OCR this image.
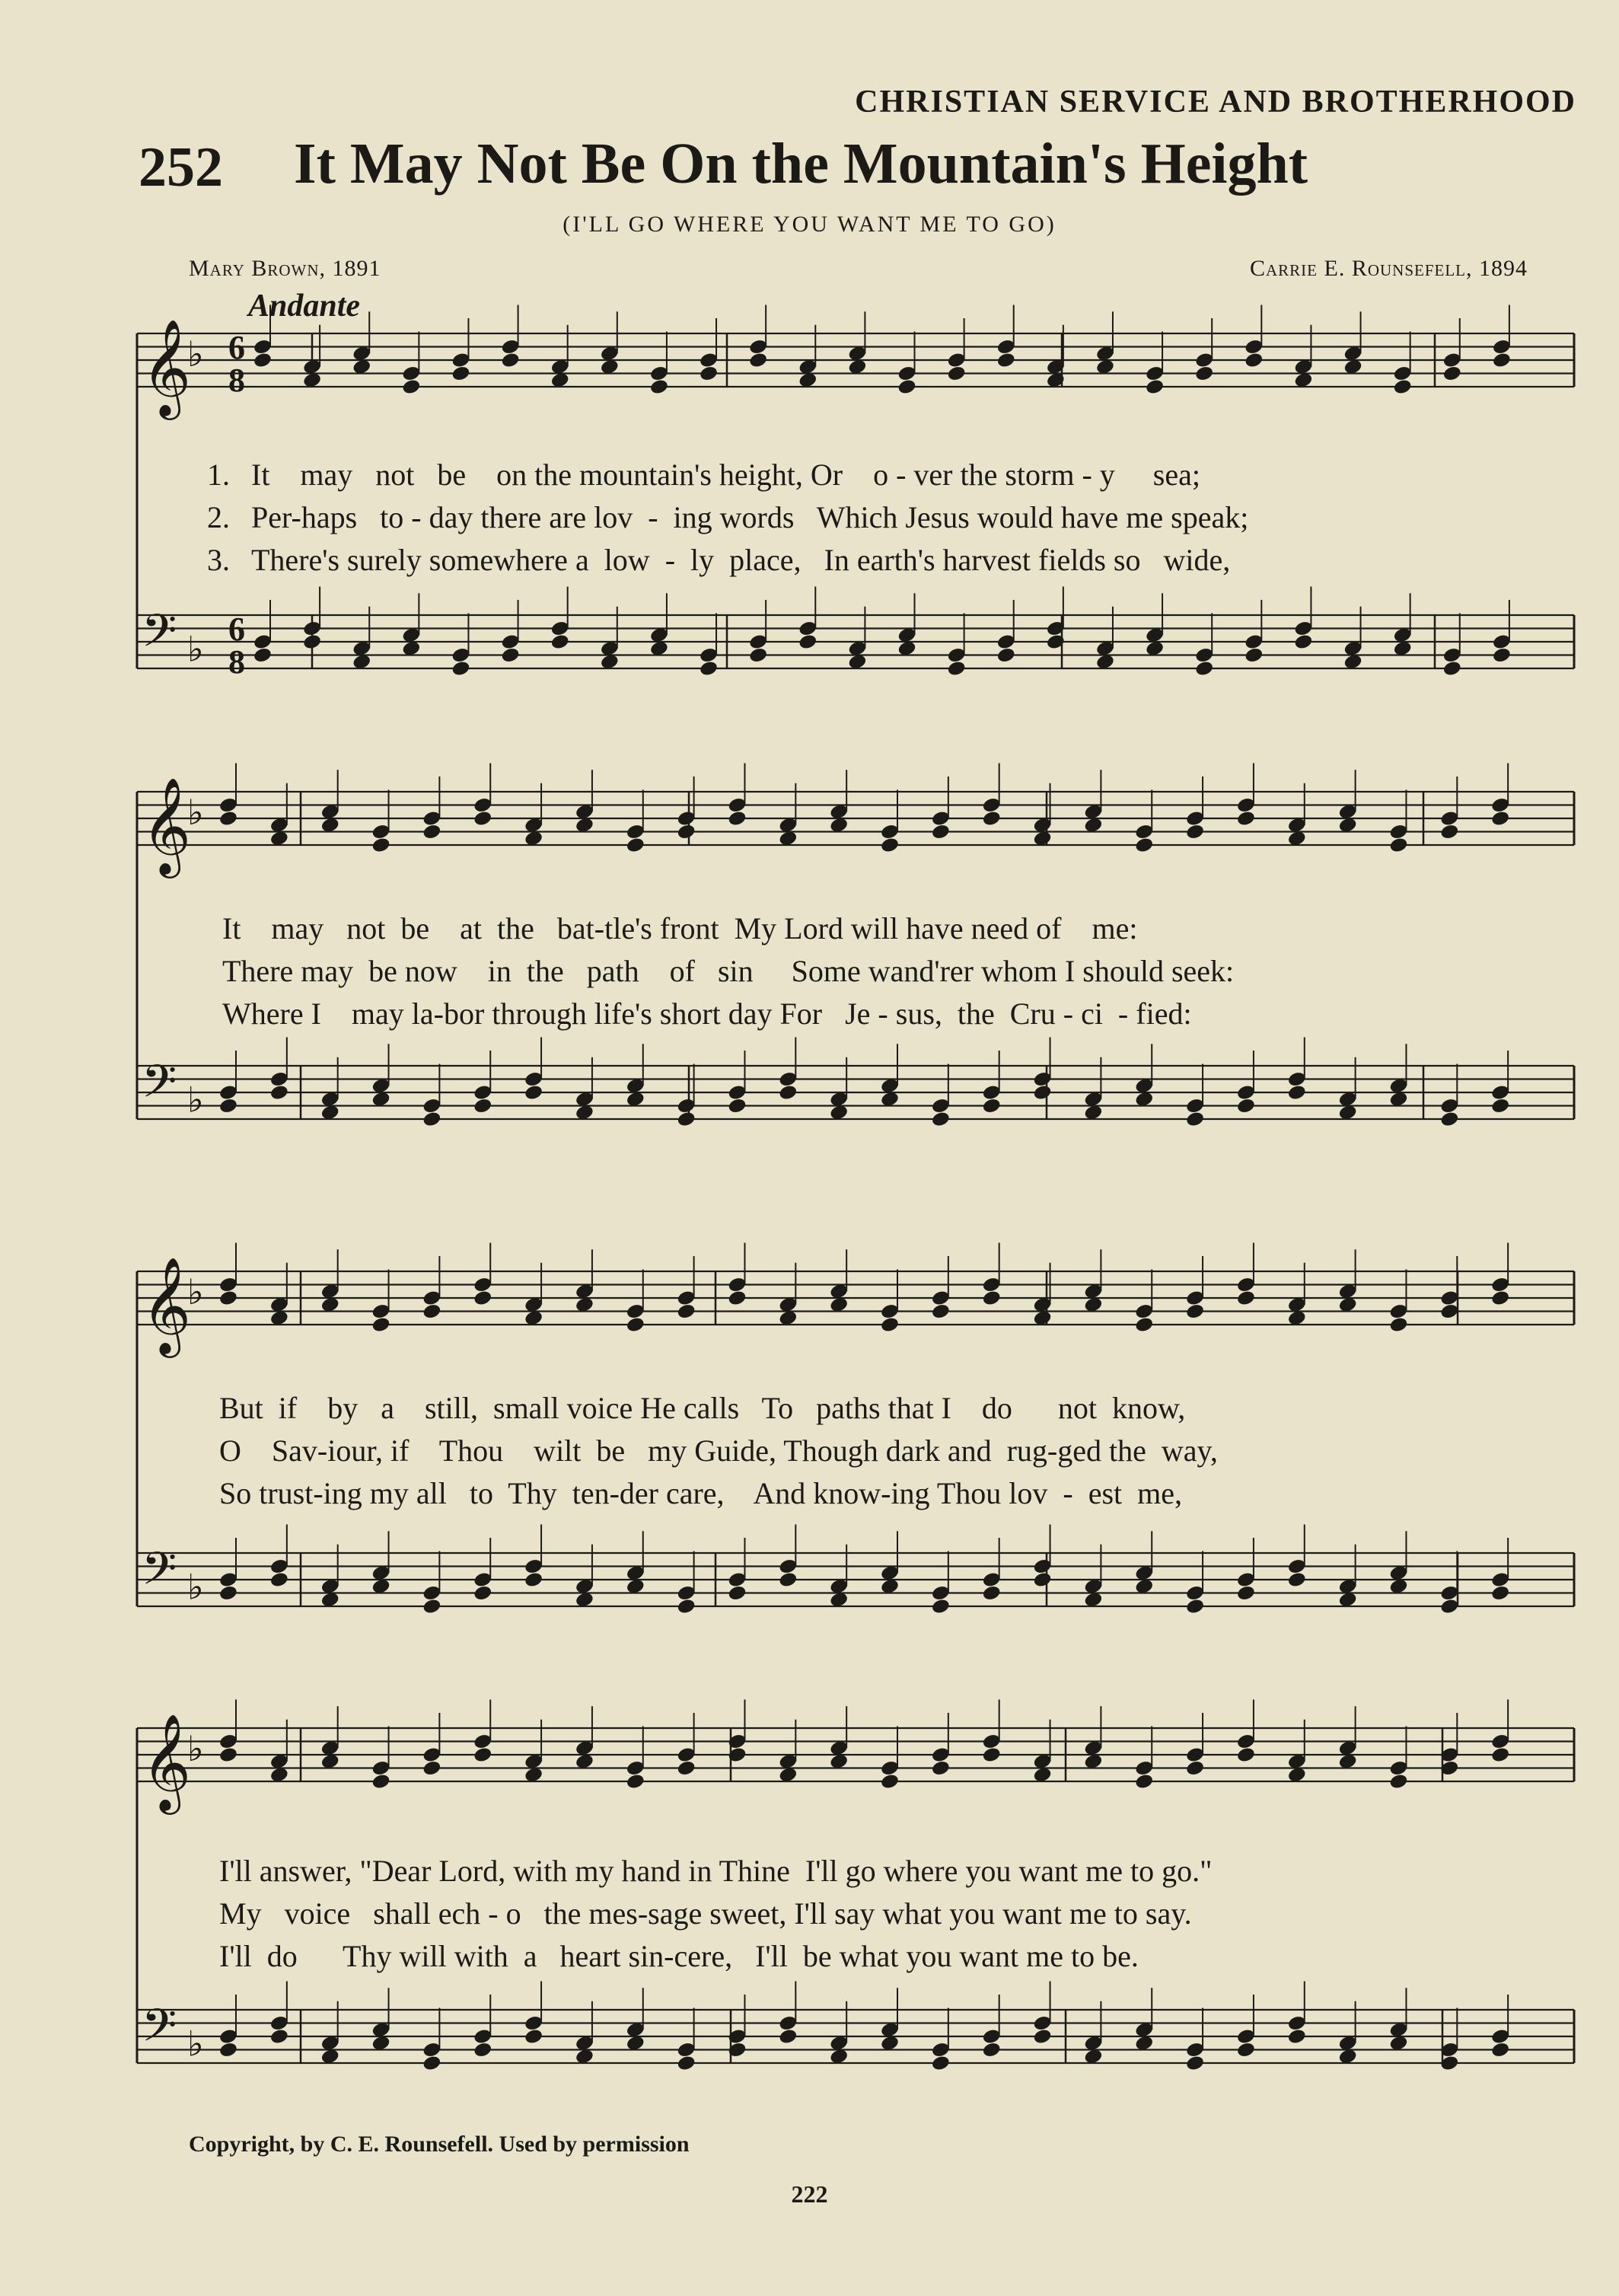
CHRISTIAN SERVICE AND BROTHERHOOD
252 It May Not Be On the Mountain's Height
(I'LL GO WHERE YOU WANT ME TO GO)
Mary Brown, 1891	Carrie E. Rounsefell, 1894
Andante
1.
2.
3.
It    may   not   be    on the mountain's height, Or    o - ver the storm - y     sea;
Per-haps   to - day there are lov  -  ing words   Which Jesus would have me speak;
There's surely somewhere a  low  -  ly  place,   In earth's harvest fields so   wide,
It    may   not  be    at  the   bat-tle's front  My Lord will have need of    me:
There may  be now    in  the   path    of   sin     Some wand'rer whom I should seek:
Where I    may la-bor through life's short day For   Je - sus,  the  Cru - ci  - fied:
But  if    by   a    still,  small voice He calls   To   paths that I    do      not  know,
O    Sav-iour, if    Thou    wilt  be   my Guide, Though dark and  rug-ged the  way,
So trust-ing my all   to  Thy  ten-der care,    And know-ing Thou lov  -  est  me,
I'll answer, "Dear Lord, with my hand in Thine  I'll go where you want me to go."
My   voice   shall ech - o   the mes-sage sweet, I'll say what you want me to say.
I'll  do      Thy will with  a   heart sin-cere,   I'll  be what you want me to be.
Copyright, by C. E. Rounsefell. Used by permission
222
𝄞
♭
𝄢 ♭
𝄞
♭
𝄢 ♭
𝄞
♭
𝄢 ♭
𝄞
♭
𝄢 ♭
6
8
6
8
